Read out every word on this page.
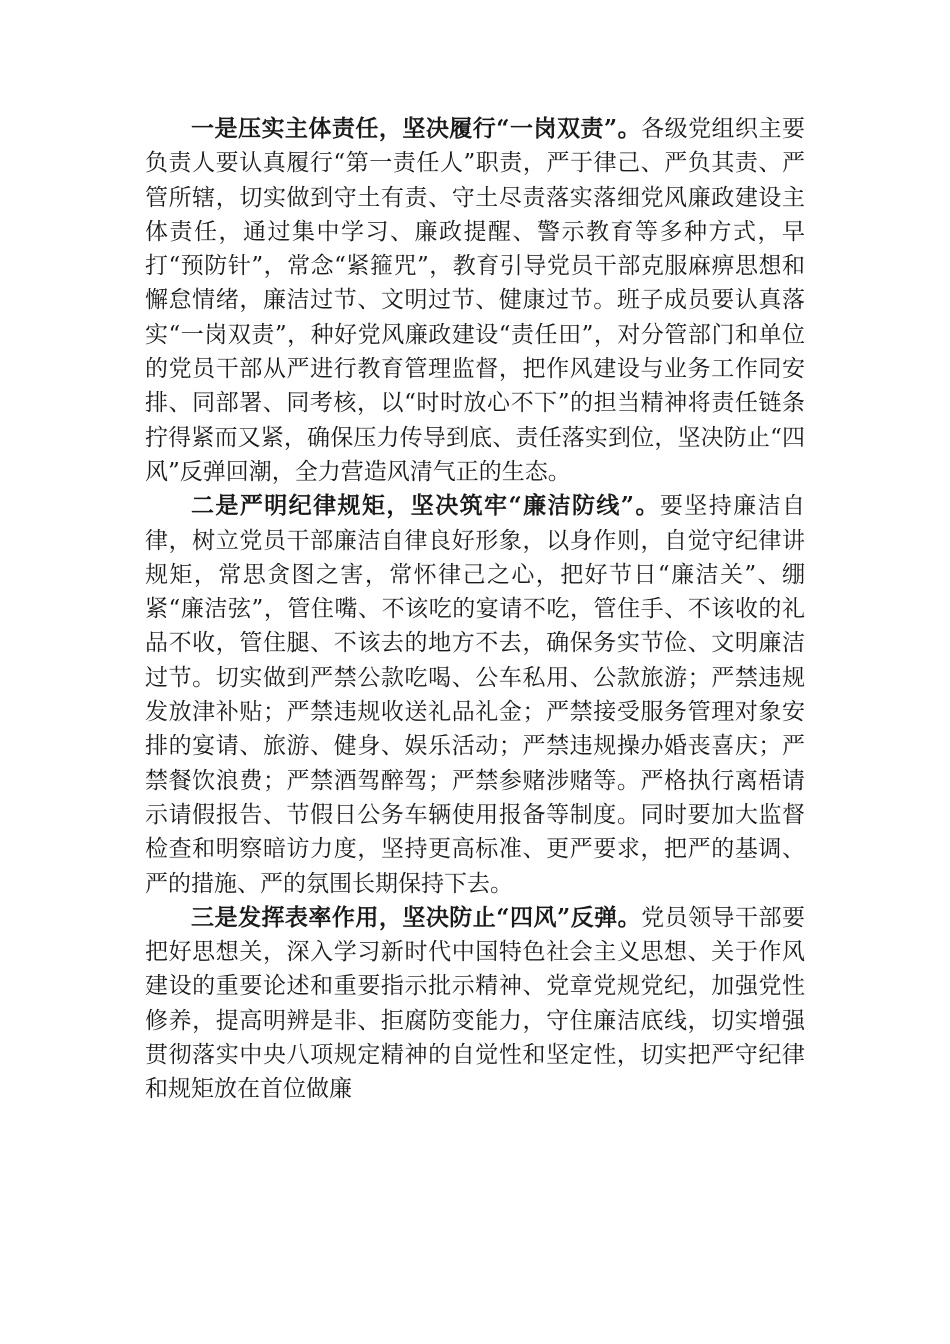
一是压实主体责任，坚决履行“一岗双责”。各级党组织主要负责人要认真履行“第一责任人”职责，严于律己、严负其责、严管所辖，切实做到守土有责、守土尽责落实落细党风廉政建设主体责任，通过集中学习、廉政提醒、警示教育等多种方式，早打“预防针”，常念“紧箍咒”，教育引导党员干部克服麻痹思想和懈怠情绪，廉洁过节、文明过节、健康过节。班子成员要认真落实“一岗双责”，种好党风廉政建设“责任田”，对分管部门和单位的党员干部从严进行教育管理监督，把作风建设与业务工作同安排、同部署、同考核，以“时时放心不下”的担当精神将责任链条拧得紧而又紧，确保压力传导到底、责任落实到位，坚决防止“四风”反弹回潮，全力营造风清气正的生态。

二是严明纪律规矩，坚决筑牢“廉洁防线”。要坚持廉洁自律，树立党员干部廉洁自律良好形象，以身作则，自觉守纪律讲规矩，常思贪图之害，常怀律己之心，把好节日“廉洁关”、绷紧“廉洁弦”，管住嘴、不该吃的宴请不吃，管住手、不该收的礼品不收，管住腿、不该去的地方不去，确保务实节俭、文明廉洁过节。切实做到严禁公款吃喝、公车私用、公款旅游；严禁违规发放津补贴；严禁违规收送礼品礼金；严禁接受服务管理对象安排的宴请、旅游、健身、娱乐活动；严禁违规操办婚丧喜庆；严禁餐饮浪费；严禁酒驾醉驾；严禁参赌涉赌等。严格执行离梧请示请假报告、节假日公务车辆使用报备等制度。同时要加大监督检查和明察暗访力度，坚持更高标准、更严要求，把严的基调、严的措施、严的氛围长期保持下去。

三是发挥表率作用，坚决防止“四风”反弹。党员领导干部要把好思想关，深入学习新时代中国特色社会主义思想、关于作风建设的重要论述和重要指示批示精神、党章党规党纪，加强党性修养，提高明辨是非、拒腐防变能力，守住廉洁底线，切实增强贯彻落实中央八项规定精神的自觉性和坚定性，切实把严守纪律和规矩放在首位做廉
